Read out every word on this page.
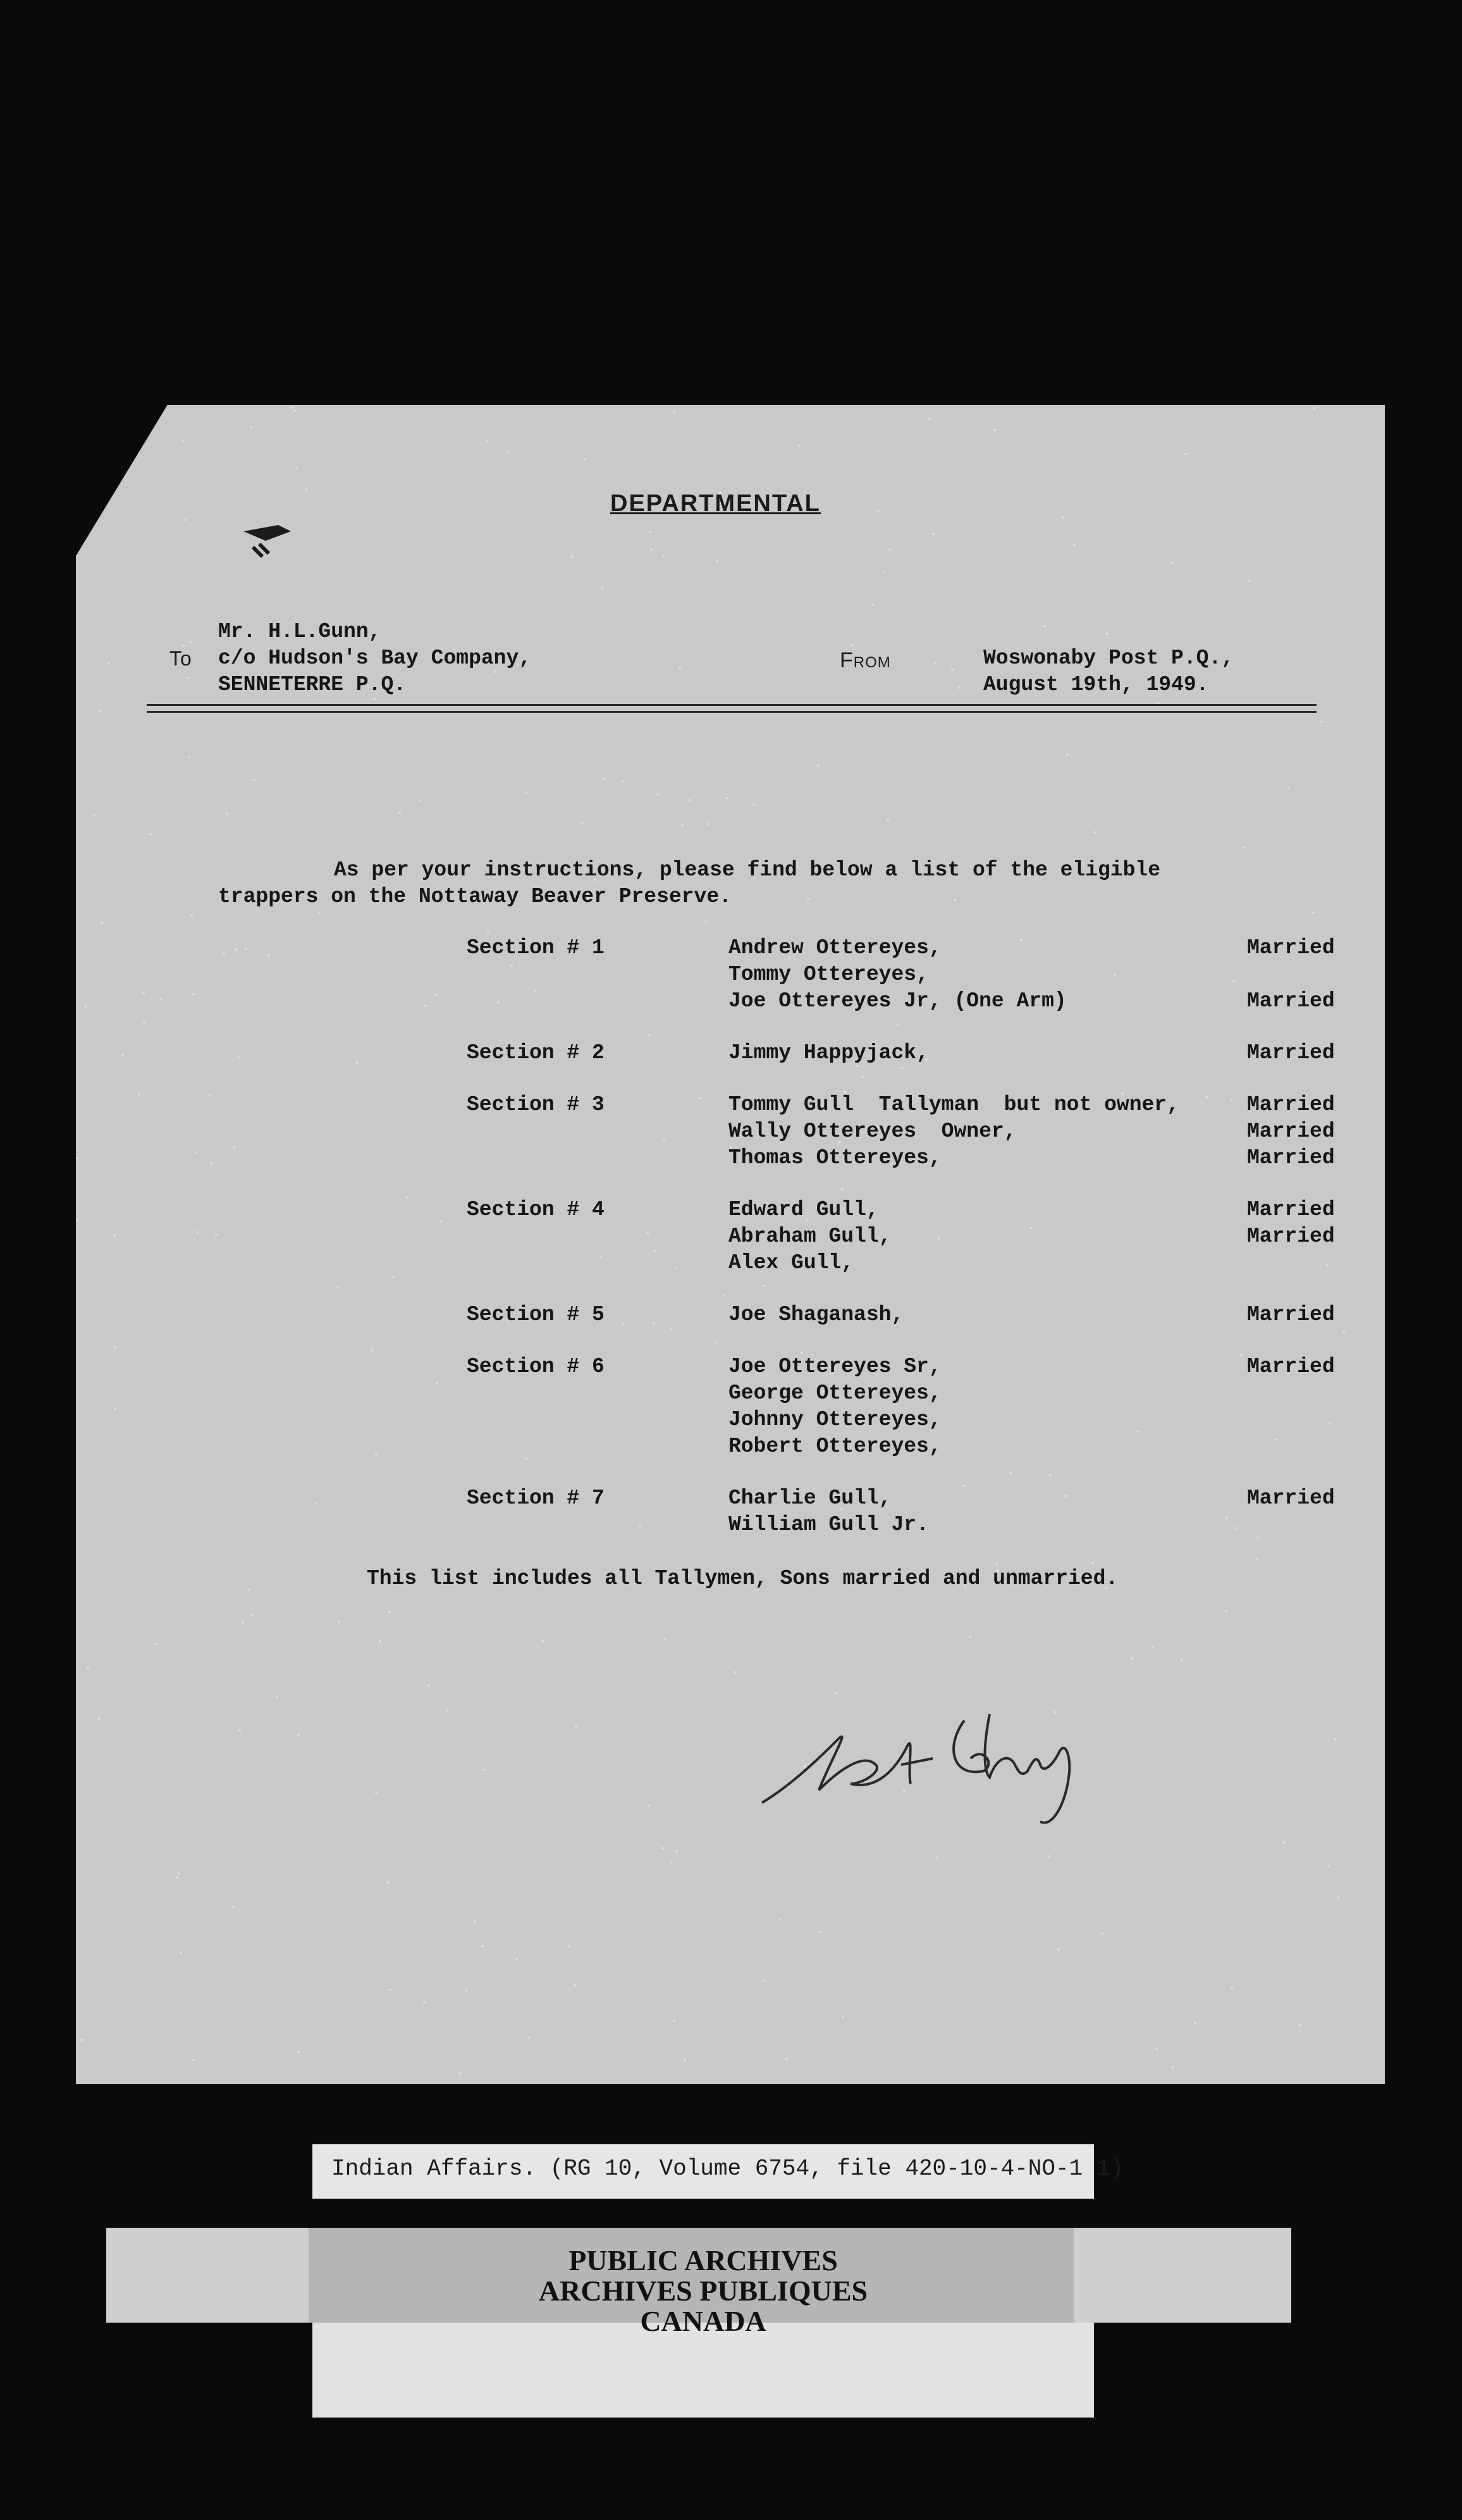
DEPARTMENTAL
To	From
Mr. H.L.Gunn,
c/o Hudson's Bay Company,
SENNETERRE P.Q.
Woswonaby Post P.Q.,
August 19th, 1949.
As per your instructions, please find below a list of the eligible
trappers on the Nottaway Beaver Preserve.
Section # 1	Andrew Ottereyes,	Married
Tommy Ottereyes,
Joe Ottereyes Jr, (One Arm)	Married
Section # 2	Jimmy Happyjack,	Married
Section # 3	Tommy Gull  Tallyman  but not owner,	Married
Wally Ottereyes  Owner,	Married
Thomas Ottereyes,	Married
Section # 4	Edward Gull,	Married
Abraham Gull,	Married
Alex Gull,
Section # 5	Joe Shaganash,	Married
Section # 6	Joe Ottereyes Sr,	Married
George Ottereyes,
Johnny Ottereyes,
Robert Ottereyes,
Section # 7	Charlie Gull,	Married
William Gull Jr.
This list includes all Tallymen, Sons married and unmarried.
Indian Affairs. (RG 10, Volume 6754, file 420-10-4-NO-1 1)
PUBLIC ARCHIVES
ARCHIVES PUBLIQUES
CANADA
